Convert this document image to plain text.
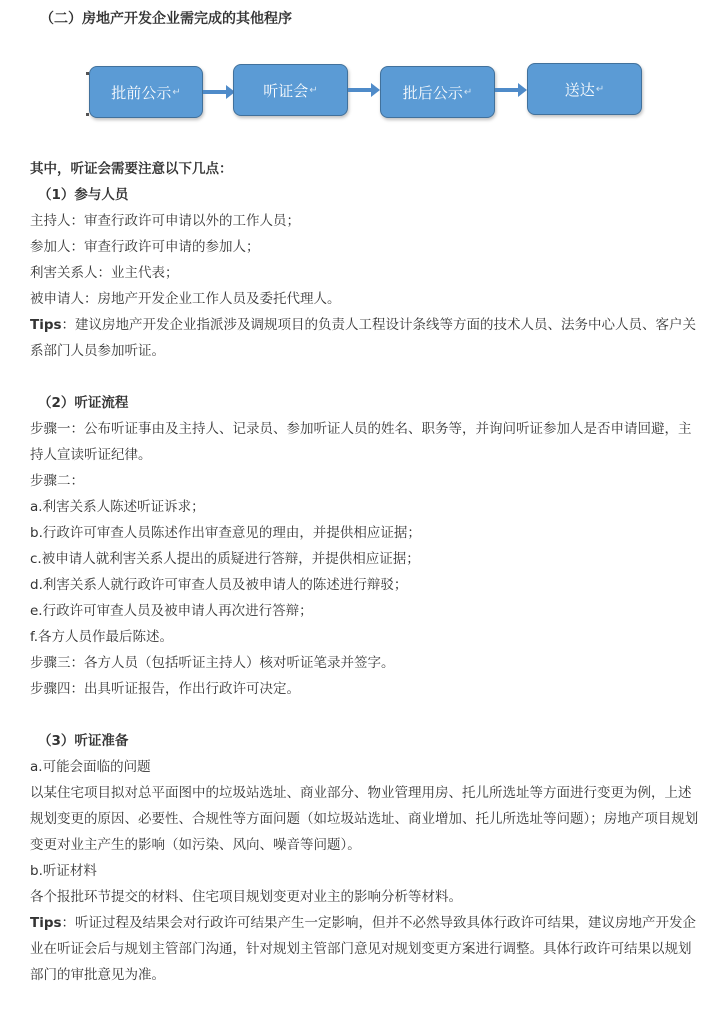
（二）房地产开发企业需完成的其他程序
批前公示 ↵	听证会 ↵	批后公示 ↵	送达 ↵

其中，听证会需要注意以下几点：

（1）参与人员

主持人：审查行政许可申请以外的工作人员；

参加人：审查行政许可申请的参加人；

利害关系人：业主代表；

被申请人：房地产开发企业工作人员及委托代理人。

Tips：建议房地产开发企业指派涉及调规项目的负责人工程设计条线等方面的技术人员、法务中心人员、客户关系部门人员参加听证。

（2）听证流程

步骤一：公布听证事由及主持人、记录员、参加听证人员的姓名、职务等，并询问听证参加人是否申请回避，主持人宣读听证纪律。

步骤二：

a.利害关系人陈述听证诉求；

b.行政许可审查人员陈述作出审查意见的理由，并提供相应证据；

c.被申请人就利害关系人提出的质疑进行答辩，并提供相应证据；

d.利害关系人就行政许可审查人员及被申请人的陈述进行辩驳；

e.行政许可审查人员及被申请人再次进行答辩；

f.各方人员作最后陈述。

步骤三：各方人员（包括听证主持人）核对听证笔录并签字。

步骤四：出具听证报告，作出行政许可决定。

（3）听证准备

a.可能会面临的问题

以某住宅项目拟对总平面图中的垃圾站选址、商业部分、物业管理用房、托儿所选址等方面进行变更为例，上述规划变更的原因、必要性、合规性等方面问题（如垃圾站选址、商业增加、托儿所选址等问题）；房地产项目规划变更对业主产生的影响（如污染、风向、噪音等问题）。

b.听证材料

各个报批环节提交的材料、住宅项目规划变更对业主的影响分析等材料。

Tips：听证过程及结果会对行政许可结果产生一定影响，但并不必然导致具体行政许可结果，建议房地产开发企业在听证会后与规划主管部门沟通，针对规划主管部门意见对规划变更方案进行调整。具体行政许可结果以规划部门的审批意见为准。
